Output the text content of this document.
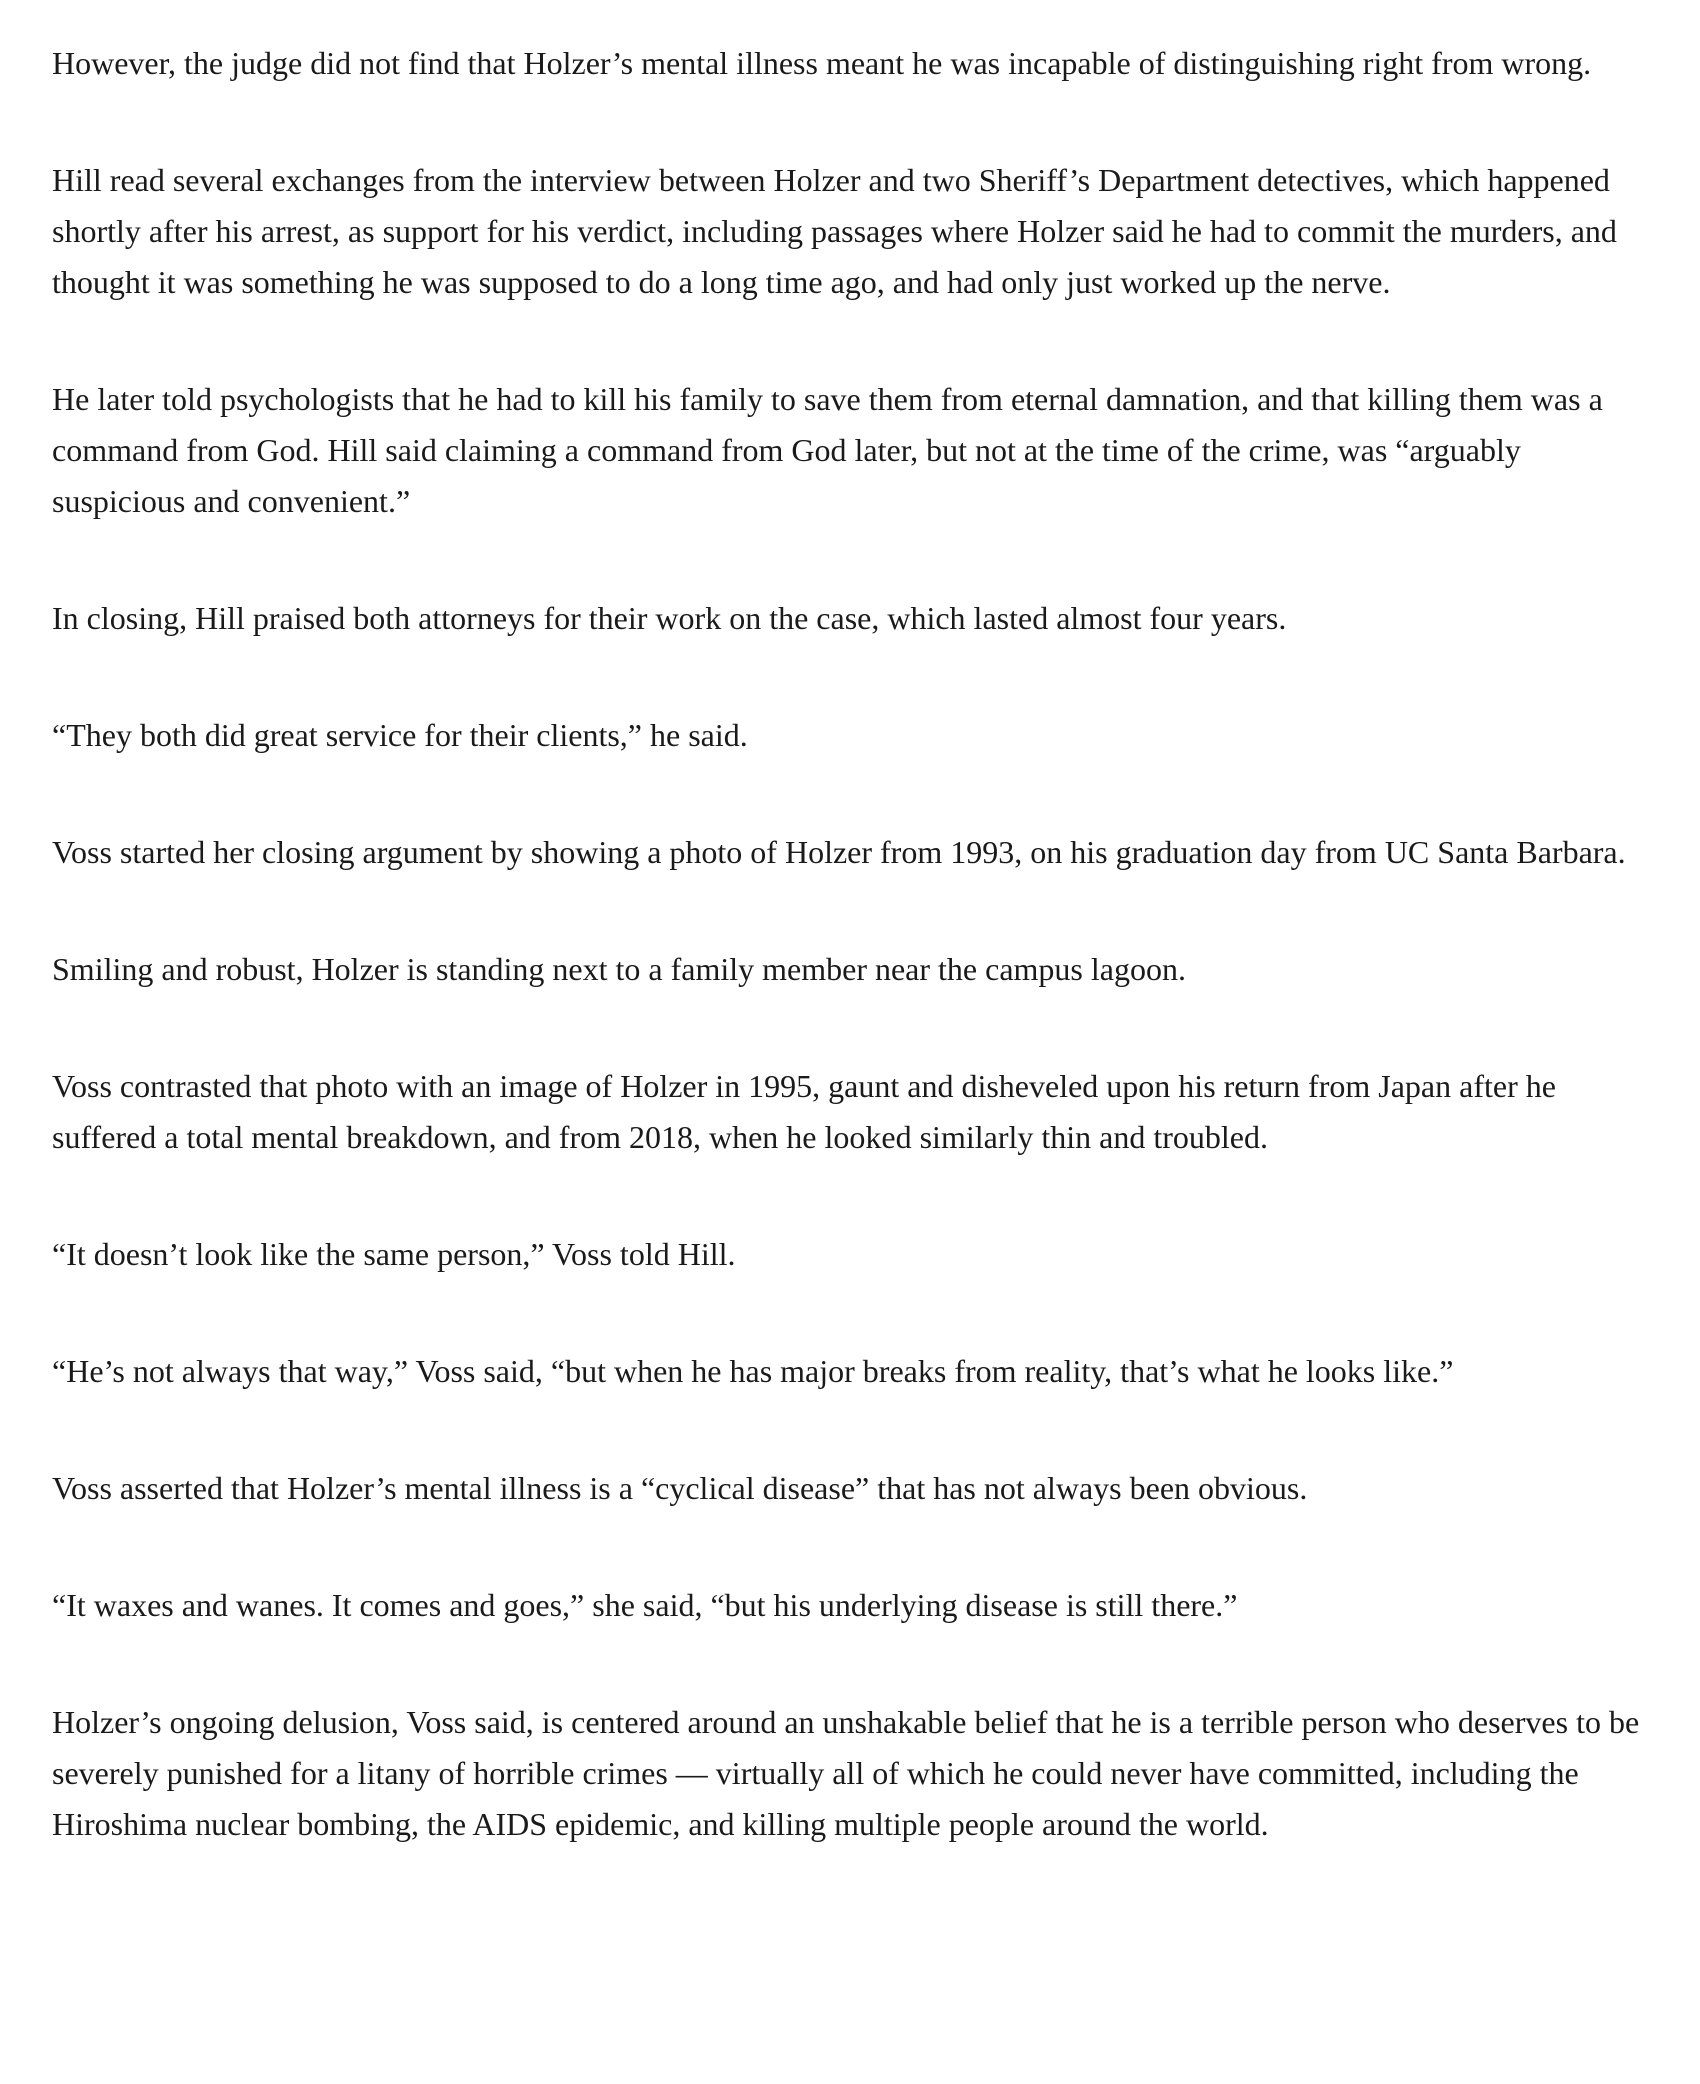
However, the judge did not find that Holzer’s mental illness meant he was incapable of distinguishing right from wrong.

Hill read several exchanges from the interview between Holzer and two Sheriff’s Department detectives, which happened shortly after his arrest, as support for his verdict, including passages where Holzer said he had to commit the murders, and thought it was something he was supposed to do a long time ago, and had only just worked up the nerve.

He later told psychologists that he had to kill his family to save them from eternal damnation, and that killing them was a command from God. Hill said claiming a command from God later, but not at the time of the crime, was “arguably suspicious and convenient.”

In closing, Hill praised both attorneys for their work on the case, which lasted almost four years.

“They both did great service for their clients,” he said.

Voss started her closing argument by showing a photo of Holzer from 1993, on his graduation day from UC Santa Barbara.

Smiling and robust, Holzer is standing next to a family member near the campus lagoon.

Voss contrasted that photo with an image of Holzer in 1995, gaunt and disheveled upon his return from Japan after he suffered a total mental breakdown, and from 2018, when he looked similarly thin and troubled.

“It doesn’t look like the same person,” Voss told Hill.

“He’s not always that way,” Voss said, “but when he has major breaks from reality, that’s what he looks like.”

Voss asserted that Holzer’s mental illness is a “cyclical disease” that has not always been obvious.

“It waxes and wanes. It comes and goes,” she said, “but his underlying disease is still there.”

Holzer’s ongoing delusion, Voss said, is centered around an unshakable belief that he is a terrible person who deserves to be severely punished for a litany of horrible crimes — virtually all of which he could never have committed, including the Hiroshima nuclear bombing, the AIDS epidemic, and killing multiple people around the world.
